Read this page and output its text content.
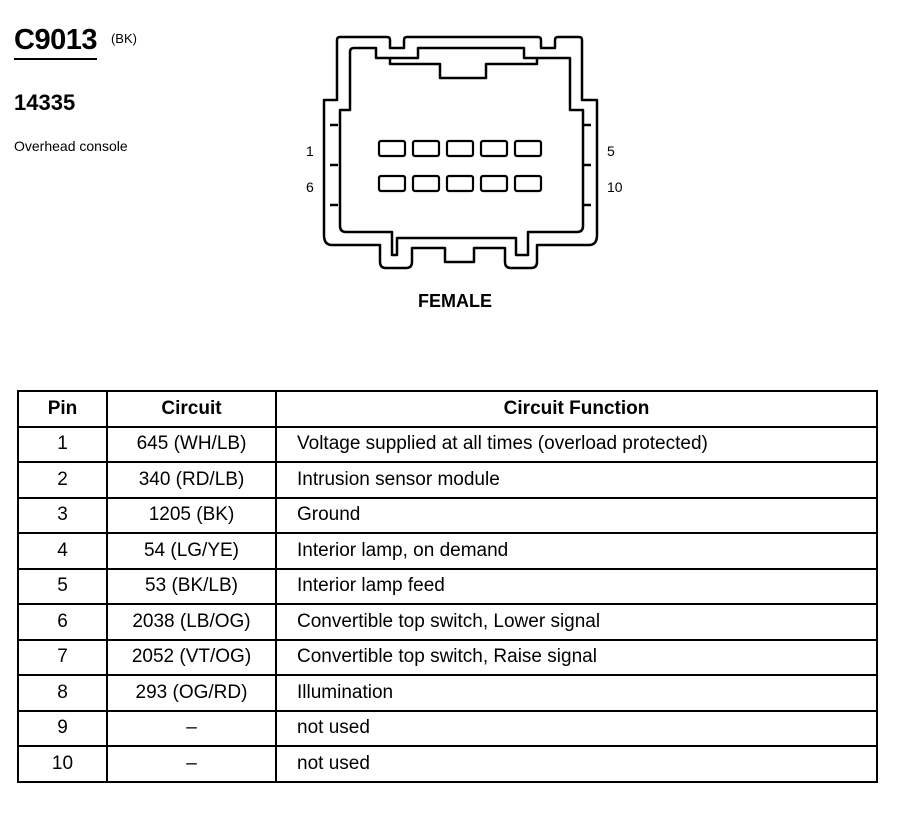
C9013 $^{(BK)}$
14335
Overhead console	1	5
6	10
FEMALE
Pin	Circuit	Circuit Function
1	645 (WH/LB)	Voltage supplied at all times (overload protected)
2	340 (RD/LB)	Intrusion sensor module
3	1205 (BK)	Ground
4	54 (LG/YE)	Interior lamp, on demand
5	53 (BK/LB)	Interior lamp feed
6	2038 (LB/OG)	Convertible top switch, Lower signal
7	2052 (VT/OG)	Convertible top switch, Raise signal
8	293 (OG/RD)	Illumination
9	–	not used
10	–	not used
